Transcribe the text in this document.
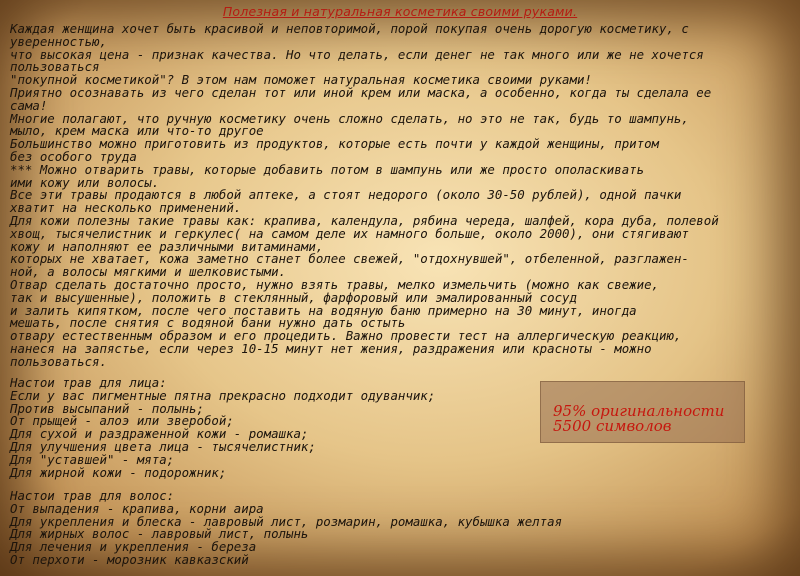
Полезная и натуральная косметика своими руками.
Каждая женщина хочет быть красивой и неповторимой, порой покупая очень дорогую косметику, с
уверенностью,
что высокая цена - признак качества. Но что делать, если денег не так много или же не хочется
пользоваться
"покупной косметикой"? В этом нам поможет натуральная косметика своими руками!
Приятно осознавать из чего сделан тот или иной крем или маска, а особенно, когда ты сделала ее
сама!
Многие полагают, что ручную косметику очень сложно сделать, но это не так, будь то шампунь,
мыло, крем маска или что-то другое
Большинство можно приготовить из продуктов, которые есть почти у каждой женщины, притом
без особого труда
*** Можно отварить травы, которые добавить потом в шампунь или же просто ополаскивать
ими кожу или волосы.
Все эти травы продаются в любой аптеке, а стоят недорого (около 30-50 рублей), одной пачки
хватит на несколько применений.
Для кожи полезны такие травы как: крапива, календула, рябина череда, шалфей, кора дуба, полевой
хвощ, тысячелистник и геркулес( на самом деле их намного больше, около 2000), они стягивают
кожу и наполняют ее различными витаминами,
которых не хватает, кожа заметно станет более свежей, "отдохнувшей", отбеленной, разглажен-
ной, а волосы мягкими и шелковистыми.
Отвар сделать достаточно просто, нужно взять травы, мелко измельчить (можно как свежие,
так и высушенные), положить в стеклянный, фарфоровый или эмалированный сосуд
и залить кипятком, после чего поставить на водяную баню примерно на 30 минут, иногда
мешать, после снятия с водяной бани нужно дать остыть
отвару естественным образом и его процедить. Важно провести тест на аллергическую реакцию,
нанеся на запястье, если через 10-15 минут нет жения, раздражения или красноты - можно
пользоваться.
Настои трав для лица:
Если у вас пигментные пятна прекрасно подходит одуванчик;
Против высыпаний - полынь;
От прыщей - алоэ или зверобой;
Для сухой и раздраженной кожи - ромашка;
Для улучшения цвета лица - тысячелистник;
Для "уставшей" - мята;
Для жирной кожи - подорожник;
Настои трав для волос:
От выпадения - крапива, корни аира
Для укрепления и блеска - лавровый лист, розмарин, ромашка, кубышка желтая
Для жирных волос - лавровый лист, полынь
Для лечения и укрепления - береза
От перхоти - морозник кавказский
95% оригинальности
5500 символов
